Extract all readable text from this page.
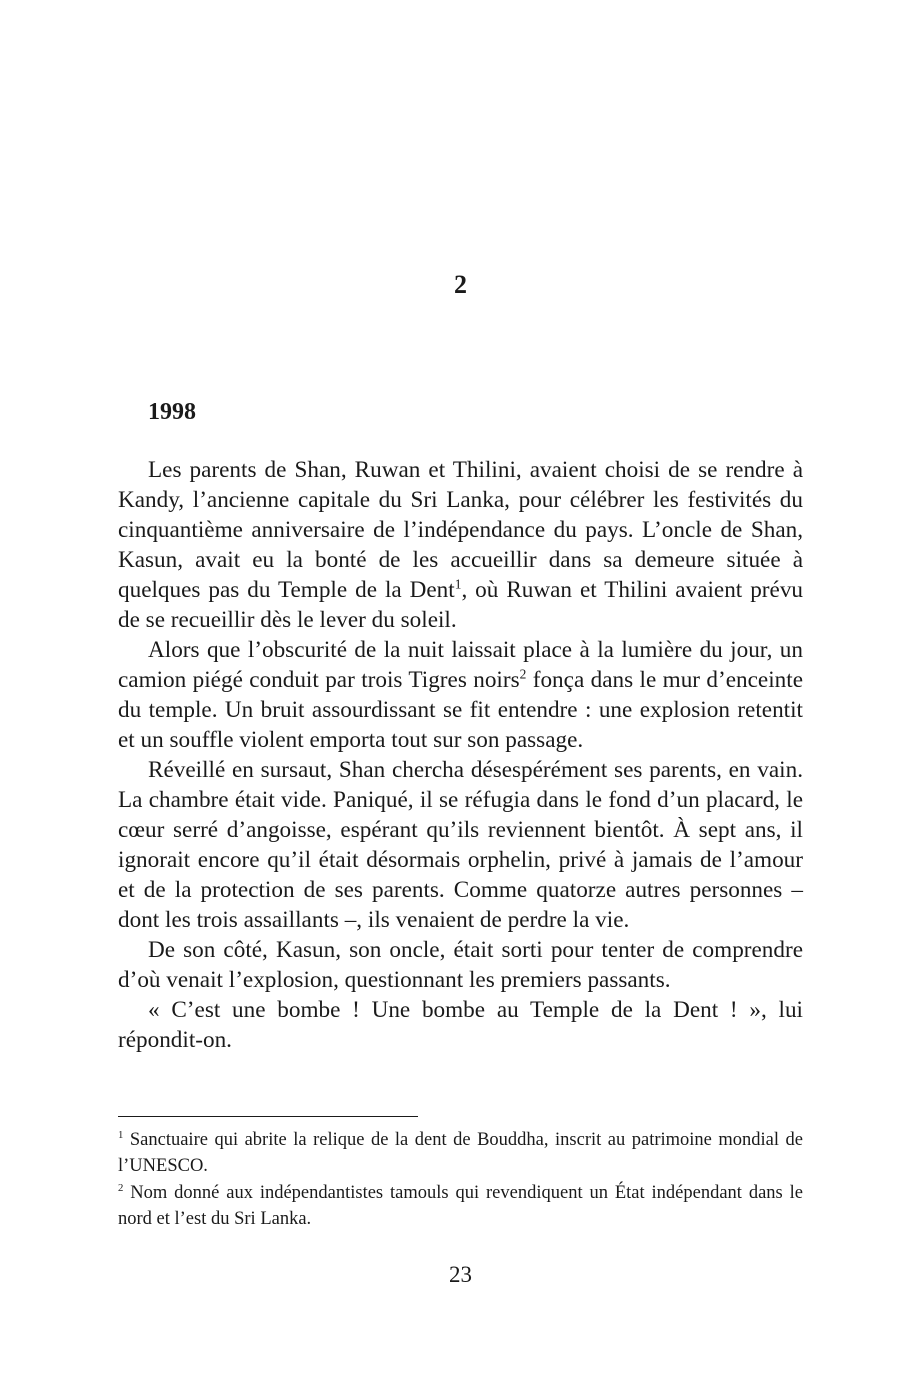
2
1998

Les parents de Shan, Ruwan et Thilini, avaient choisi de se rendre à Kandy, l’ancienne capitale du Sri Lanka, pour célébrer les festivités du cinquantième anniversaire de l’indépendance du pays. L’oncle de Shan, Kasun, avait eu la bonté de les accueillir dans sa demeure située à quelques pas du Temple de la Dent$^1$, où Ruwan et Thilini avaient prévu de se recueillir dès le lever du soleil.

Alors que l’obscurité de la nuit laissait place à la lumière du jour, un camion piégé conduit par trois Tigres noirs$^2$ fonça dans le mur d’enceinte du temple. Un bruit assourdissant se fit entendre : une explosion retentit et un souffle violent emporta tout sur son passage.

Réveillé en sursaut, Shan chercha désespérément ses parents, en vain. La chambre était vide. Paniqué, il se réfugia dans le fond d’un placard, le cœur serré d’angoisse, espérant qu’ils reviennent bientôt. À sept ans, il ignorait encore qu’il était désormais orphelin, privé à jamais de l’amour et de la protection de ses parents. Comme quatorze autres personnes – dont les trois assaillants –, ils venaient de perdre la vie.

De son côté, Kasun, son oncle, était sorti pour tenter de comprendre d’où venait l’explosion, questionnant les premiers passants.

« C’est une bombe ! Une bombe au Temple de la Dent ! », lui répondit-on.

$^1$ Sanctuaire qui abrite la relique de la dent de Bouddha, inscrit au patrimoine mondial de l’UNESCO.

$^2$ Nom donné aux indépendantistes tamouls qui revendiquent un État indépendant dans le nord et l’est du Sri Lanka.

23
